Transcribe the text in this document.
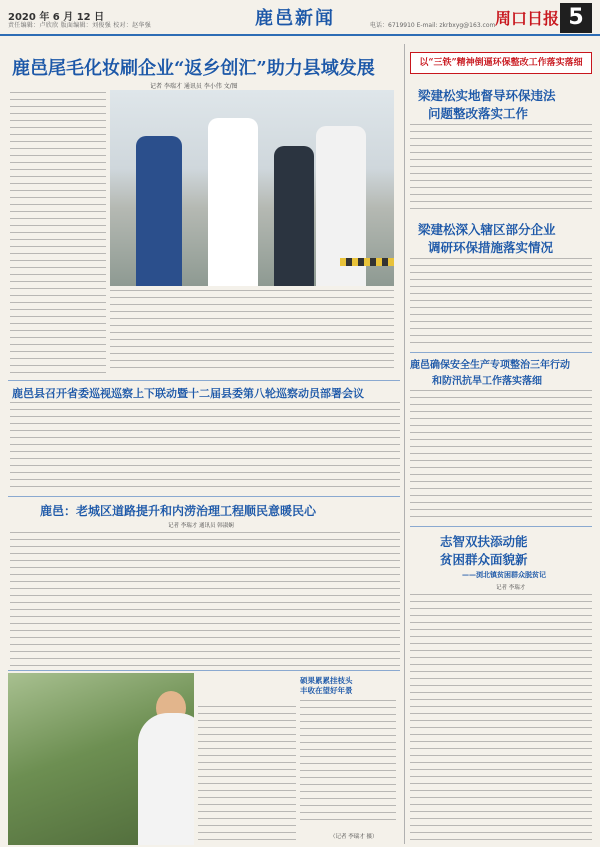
2020 年 6 月 12 日
责任编辑：卢欣欣 版面编辑：刘俊强 校对：赵华强	鹿邑新闻	电话：6719910 E-mail: zkrbxyg@163.com 周口日报 5
鹿邑尾毛化妆刷企业“返乡创汇”助力县域发展
记者 李瑞才 通讯员 李小伟 文/图
鹿邑县召开省委巡视巡察上下联动暨十二届县委第八轮巡察动员部署会议
鹿邑：老城区道路提升和内涝治理工程顺民意暖民心
记者 李瑞才 通讯员 韩淑娴
硕果累累挂枝头
丰收在望好年景
（记者 李瑞才 摄）
以“三铁”精神倒逼环保整改工作落实落细
梁建松实地督导环保违法
问题整改落实工作
梁建松深入辖区部分企业
调研环保措施落实情况
鹿邑确保安全生产专项整治三年行动
和防汛抗旱工作落实落细
志智双扶添动能
贫困群众面貌新
——浏北镇贫困群众脱贫记
记者 李瑞才
